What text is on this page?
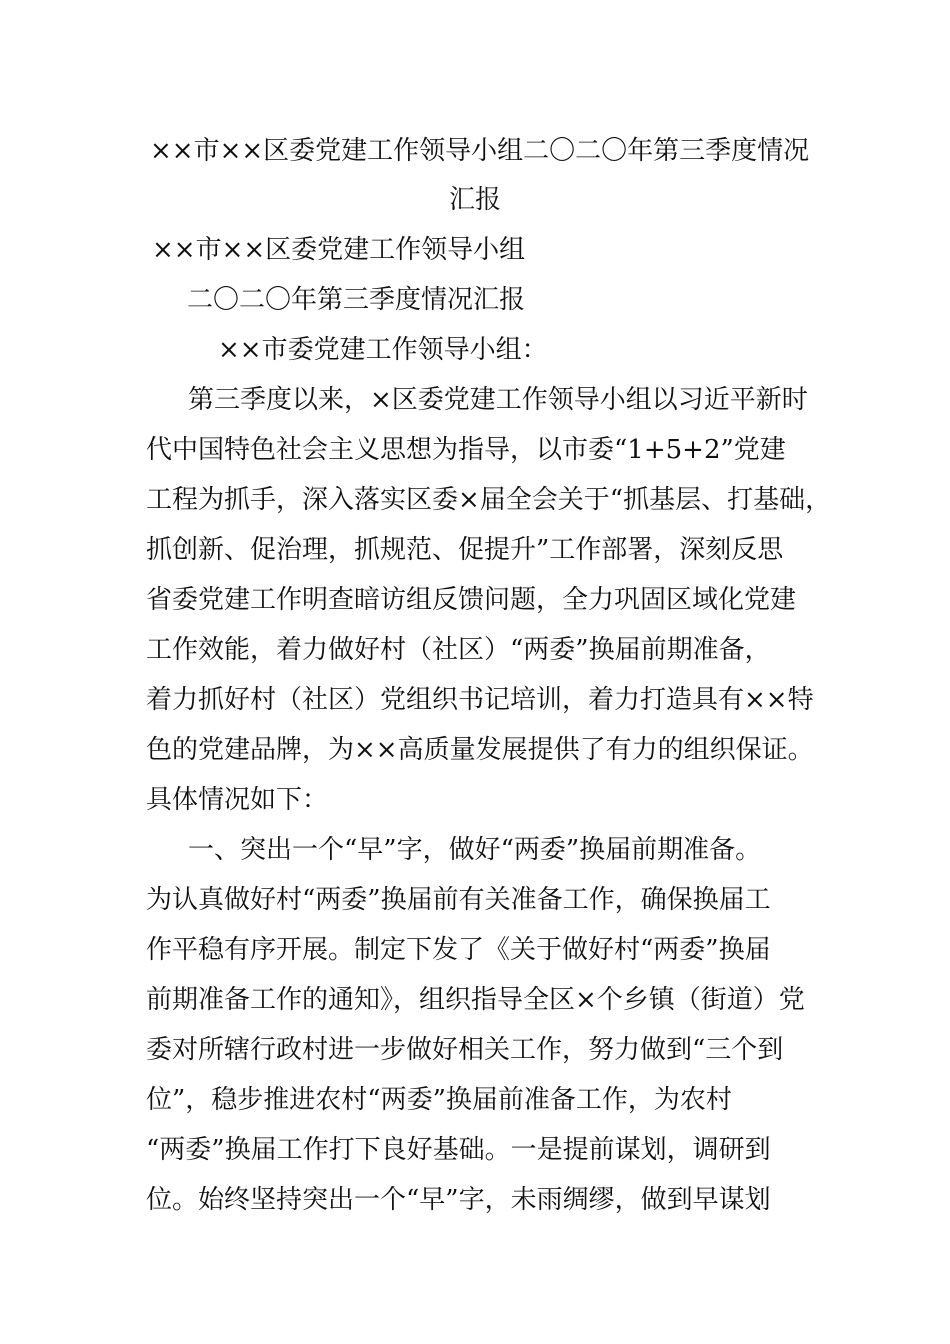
××市××区委党建工作领导小组二〇二〇年第三季度情况
汇报
××市××区委党建工作领导小组
二〇二〇年第三季度情况汇报
××市委党建工作领导小组：
第三季度以来，×区委党建工作领导小组以习近平新时
代中国特色社会主义思想为指导，以市委“1+5+2”党建
工程为抓手，深入落实区委×届全会关于“抓基层、打基础，
抓创新、促治理，抓规范、促提升”工作部署，深刻反思
省委党建工作明查暗访组反馈问题，全力巩固区域化党建
工作效能，着力做好村（社区）“两委”换届前期准备，
着力抓好村（社区）党组织书记培训，着力打造具有××特
色的党建品牌，为××高质量发展提供了有力的组织保证。
具体情况如下：
一、突出一个“早”字，做好“两委”换届前期准备。
为认真做好村“两委”换届前有关准备工作，确保换届工
作平稳有序开展。制定下发了《关于做好村“两委”换届
前期准备工作的通知》，组织指导全区×个乡镇（街道）党
委对所辖行政村进一步做好相关工作，努力做到“三个到
位”，稳步推进农村“两委”换届前准备工作，为农村
“两委”换届工作打下良好基础。一是提前谋划，调研到
位。始终坚持突出一个“早”字，未雨绸缪，做到早谋划
